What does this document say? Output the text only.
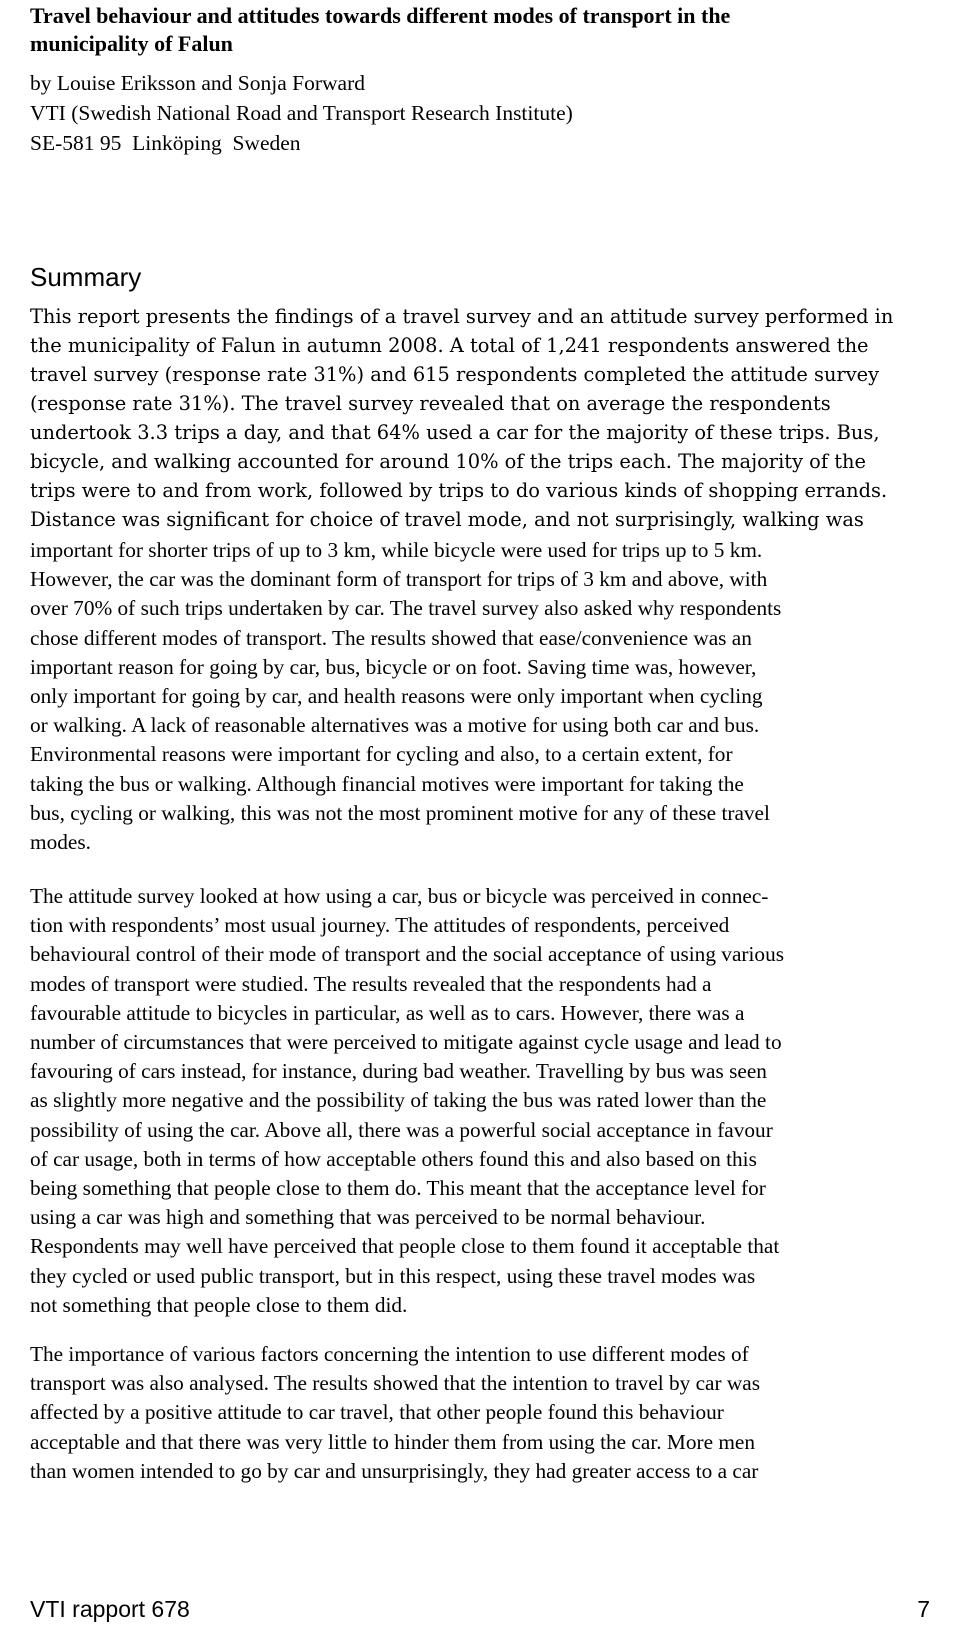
Travel behaviour and attitudes towards different modes of transport in the
municipality of Falun
by Louise Eriksson and Sonja Forward
VTI (Swedish National Road and Transport Research Institute)
SE-581 95  Linköping  Sweden
Summary
This report presents the findings of a travel survey and an attitude survey performed in
the municipality of Falun in autumn 2008. A total of 1,241 respondents answered the
travel survey (response rate 31%) and 615 respondents completed the attitude survey
(response rate 31%). The travel survey revealed that on average the respondents
undertook 3.3 trips a day, and that 64% used a car for the majority of these trips. Bus,
bicycle, and walking accounted for around 10% of the trips each. The majority of the
trips were to and from work, followed by trips to do various kinds of shopping errands.
Distance was significant for choice of travel mode, and not surprisingly, walking was
important for shorter trips of up to 3 km, while bicycle were used for trips up to 5 km.
However, the car was the dominant form of transport for trips of 3 km and above, with
over 70% of such trips undertaken by car. The travel survey also asked why respondents
chose different modes of transport. The results showed that ease/convenience was an
important reason for going by car, bus, bicycle or on foot. Saving time was, however,
only important for going by car, and health reasons were only important when cycling
or walking. A lack of reasonable alternatives was a motive for using both car and bus.
Environmental reasons were important for cycling and also, to a certain extent, for
taking the bus or walking. Although financial motives were important for taking the
bus, cycling or walking, this was not the most prominent motive for any of these travel
modes.
The attitude survey looked at how using a car, bus or bicycle was perceived in connec-
tion with respondents’ most usual journey. The attitudes of respondents, perceived
behavioural control of their mode of transport and the social acceptance of using various
modes of transport were studied. The results revealed that the respondents had a
favourable attitude to bicycles in particular, as well as to cars. However, there was a
number of circumstances that were perceived to mitigate against cycle usage and lead to
favouring of cars instead, for instance, during bad weather. Travelling by bus was seen
as slightly more negative and the possibility of taking the bus was rated lower than the
possibility of using the car. Above all, there was a powerful social acceptance in favour
of car usage, both in terms of how acceptable others found this and also based on this
being something that people close to them do. This meant that the acceptance level for
using a car was high and something that was perceived to be normal behaviour.
Respondents may well have perceived that people close to them found it acceptable that
they cycled or used public transport, but in this respect, using these travel modes was
not something that people close to them did.
The importance of various factors concerning the intention to use different modes of
transport was also analysed. The results showed that the intention to travel by car was
affected by a positive attitude to car travel, that other people found this behaviour
acceptable and that there was very little to hinder them from using the car. More men
than women intended to go by car and unsurprisingly, they had greater access to a car
VTI rapport 678	7
